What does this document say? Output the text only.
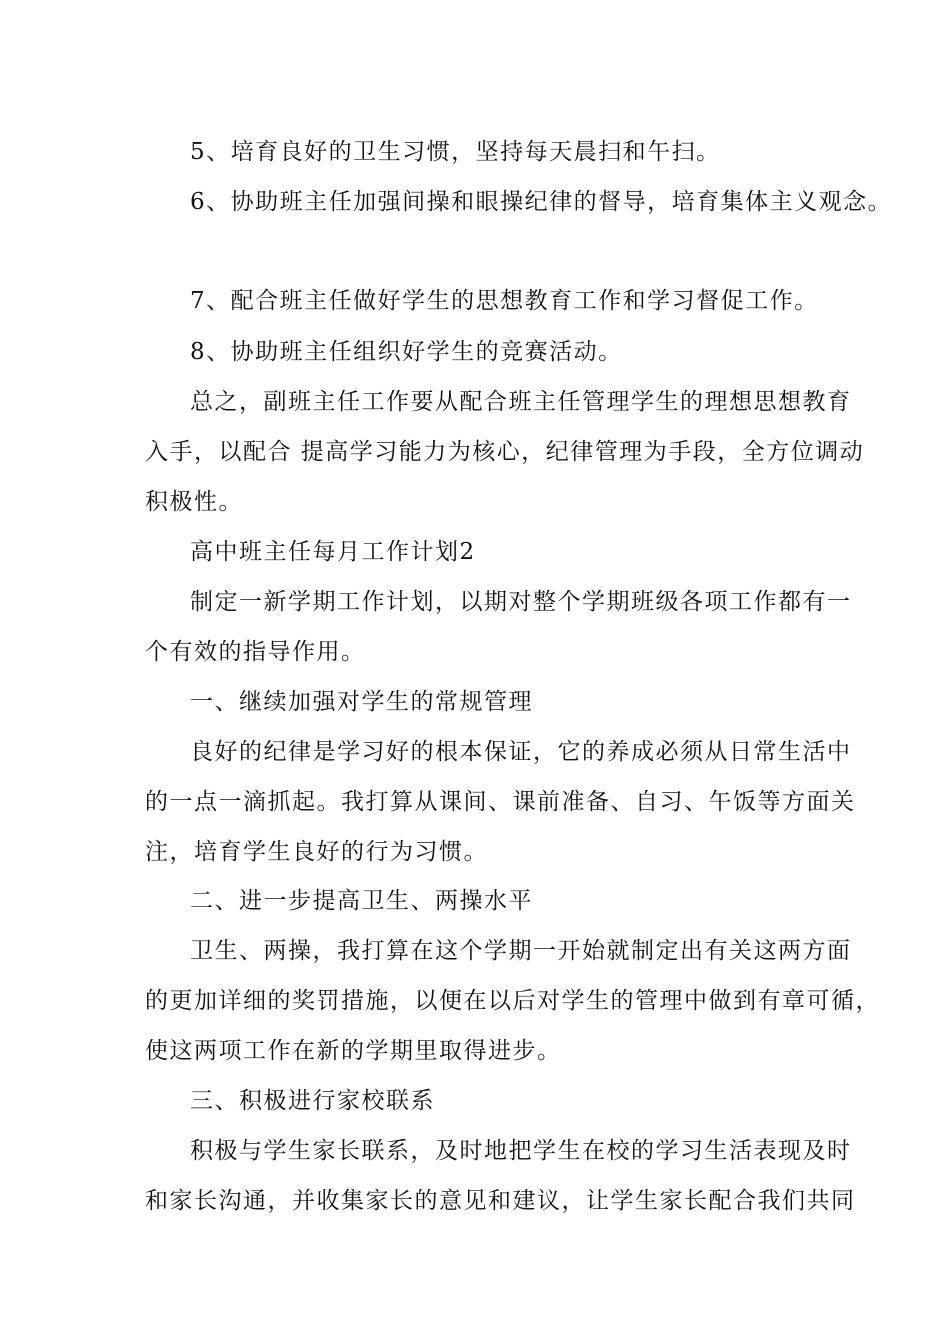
5、培育良好的卫生习惯，坚持每天晨扫和午扫。
6、协助班主任加强间操和眼操纪律的督导，培育集体主义观念。
7、配合班主任做好学生的思想教育工作和学习督促工作。
8、协助班主任组织好学生的竞赛活动。
总之，副班主任工作要从配合班主任管理学生的理想思想教育
入手，以配合 提高学习能力为核心，纪律管理为手段，全方位调动
积极性。
高中班主任每月工作计划2
制定一新学期工作计划，以期对整个学期班级各项工作都有一
个有效的指导作用。
一、继续加强对学生的常规管理
良好的纪律是学习好的根本保证，它的养成必须从日常生活中
的一点一滴抓起。我打算从课间、课前准备、自习、午饭等方面关
注，培育学生良好的行为习惯。
二、进一步提高卫生、两操水平
卫生、两操，我打算在这个学期一开始就制定出有关这两方面
的更加详细的奖罚措施，以便在以后对学生的管理中做到有章可循，
使这两项工作在新的学期里取得进步。
三、积极进行家校联系
积极与学生家长联系，及时地把学生在校的学习生活表现及时
和家长沟通，并收集家长的意见和建议，让学生家长配合我们共同
